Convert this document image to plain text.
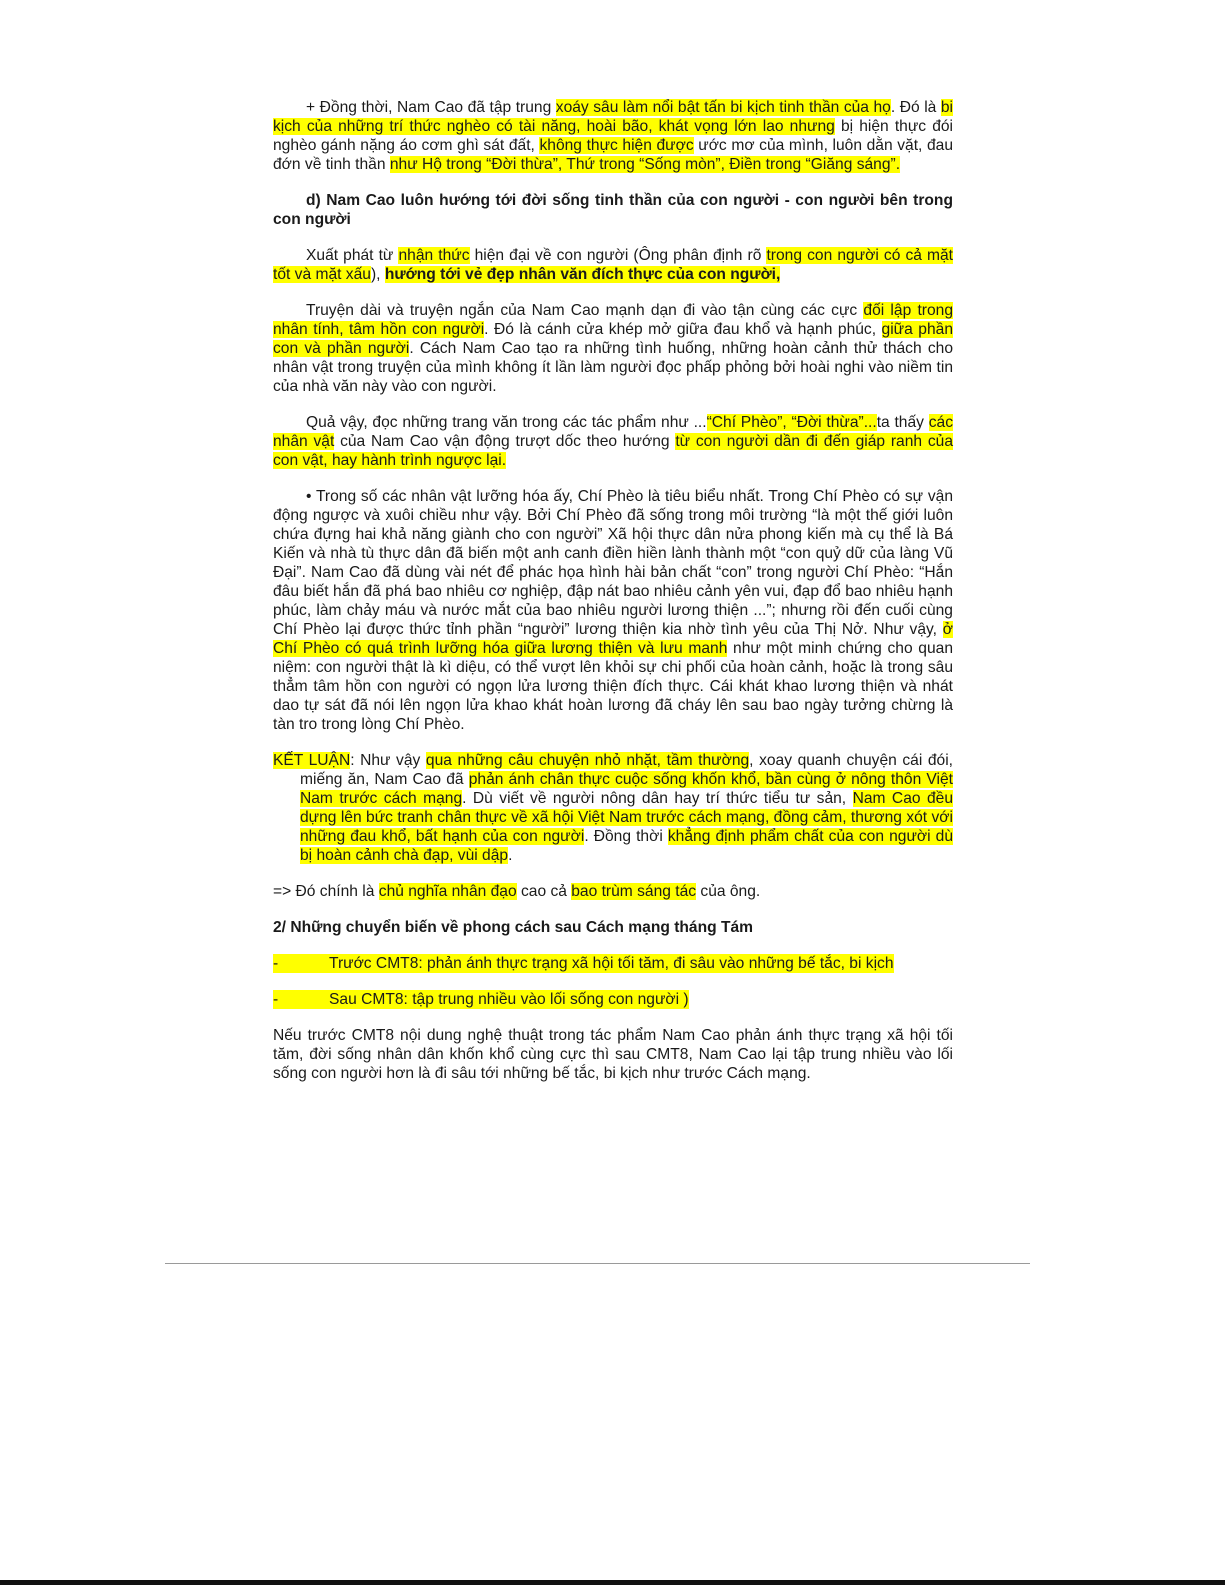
+ Đồng thời, Nam Cao đã tập trung xoáy sâu làm nổi bật tấn bi kịch tinh thần của họ. Đó là bi kịch của những trí thức nghèo có tài năng, hoài bão, khát vọng lớn lao nhưng bị hiện thực đói nghèo gánh nặng áo cơm ghì sát đất, không thực hiện được ước mơ của mình, luôn dằn vặt, đau đớn về tinh thần như Hộ trong “Đời thừa”, Thứ trong “Sống mòn”, Điền trong “Giăng sáng”.

d) Nam Cao luôn hướng tới đời sống tinh thần của con người - con người bên trong con người

Xuất phát từ nhận thức hiện đại về con người (Ông phân định rõ trong con người có cả mặt tốt và mặt xấu), hướng tới vẻ đẹp nhân văn đích thực của con người,

Truyện dài và truyện ngắn của Nam Cao mạnh dạn đi vào tận cùng các cực đối lập trong nhân tính, tâm hồn con người. Đó là cánh cửa khép mở giữa đau khổ và hạnh phúc, giữa phần con và phần người. Cách Nam Cao tạo ra những tình huống, những hoàn cảnh thử thách cho nhân vật trong truyện của mình không ít lần làm người đọc phấp phỏng bởi hoài nghi vào niềm tin của nhà văn này vào con người.

Quả vậy, đọc những trang văn trong các tác phẩm như ...“Chí Phèo”, “Đời thừa”...ta thấy các nhân vật của Nam Cao vận động trượt dốc theo hướng từ con người dần đi đến giáp ranh của con vật, hay hành trình ngược lại.

• Trong số các nhân vật lưỡng hóa ấy, Chí Phèo là tiêu biểu nhất. Trong Chí Phèo có sự vận động ngược và xuôi chiều như vậy. Bởi Chí Phèo đã sống trong môi trường “là một thế giới luôn chứa đựng hai khả năng giành cho con người” Xã hội thực dân nửa phong kiến mà cụ thể là Bá Kiến và nhà tù thực dân đã biến một anh canh điền hiền lành thành một “con quỷ dữ của làng Vũ Đại”. Nam Cao đã dùng vài nét để phác họa hình hài bản chất “con” trong người Chí Phèo: “Hắn đâu biết hắn đã phá bao nhiêu cơ nghiệp, đập nát bao nhiêu cảnh yên vui, đạp đổ bao nhiêu hạnh phúc, làm chảy máu và nước mắt của bao nhiêu người lương thiện ...”; nhưng rồi đến cuối cùng Chí Phèo lại được thức tỉnh phần “người” lương thiện kia nhờ tình yêu của Thị Nở. Như vậy, ở Chí Phèo có quá trình lưỡng hóa giữa lương thiện và lưu manh như một minh chứng cho quan niệm: con người thật là kì diệu, có thể vượt lên khỏi sự chi phối của hoàn cảnh, hoặc là trong sâu thẳm tâm hồn con người có ngọn lửa lương thiện đích thực. Cái khát khao lương thiện và nhát dao tự sát đã nói lên ngọn lửa khao khát hoàn lương đã cháy lên sau bao ngày tưởng chừng là tàn tro trong lòng Chí Phèo.

KẾT LUẬN: Như vậy qua những câu chuyện nhỏ nhặt, tầm thường, xoay quanh chuyện cái đói, miếng ăn, Nam Cao đã phản ánh chân thực cuộc sống khốn khổ, bần cùng ở nông thôn Việt Nam trước cách mạng. Dù viết về người nông dân hay trí thức tiểu tư sản, Nam Cao đều dựng lên bức tranh chân thực về xã hội Việt Nam trước cách mạng, đồng cảm, thương xót với những đau khổ, bất hạnh của con người. Đồng thời khẳng định phẩm chất của con người dù bị hoàn cảnh chà đạp, vùi dập.

=> Đó chính là chủ nghĩa nhân đạo cao cả bao trùm sáng tác của ông.

2/ Những chuyển biến về phong cách sau Cách mạng tháng Tám

-	Trước CMT8: phản ánh thực trạng xã hội tối tăm, đi sâu vào những bế tắc, bi kịch
-	Sau CMT8: tập trung nhiều vào lối sống con người )

Nếu trước CMT8 nội dung nghệ thuật trong tác phẩm Nam Cao phản ánh thực trạng xã hội tối tăm, đời sống nhân dân khốn khổ cùng cực thì sau CMT8, Nam Cao lại tập trung nhiều vào lối sống con người hơn là đi sâu tới những bế tắc, bi kịch như trước Cách mạng.
